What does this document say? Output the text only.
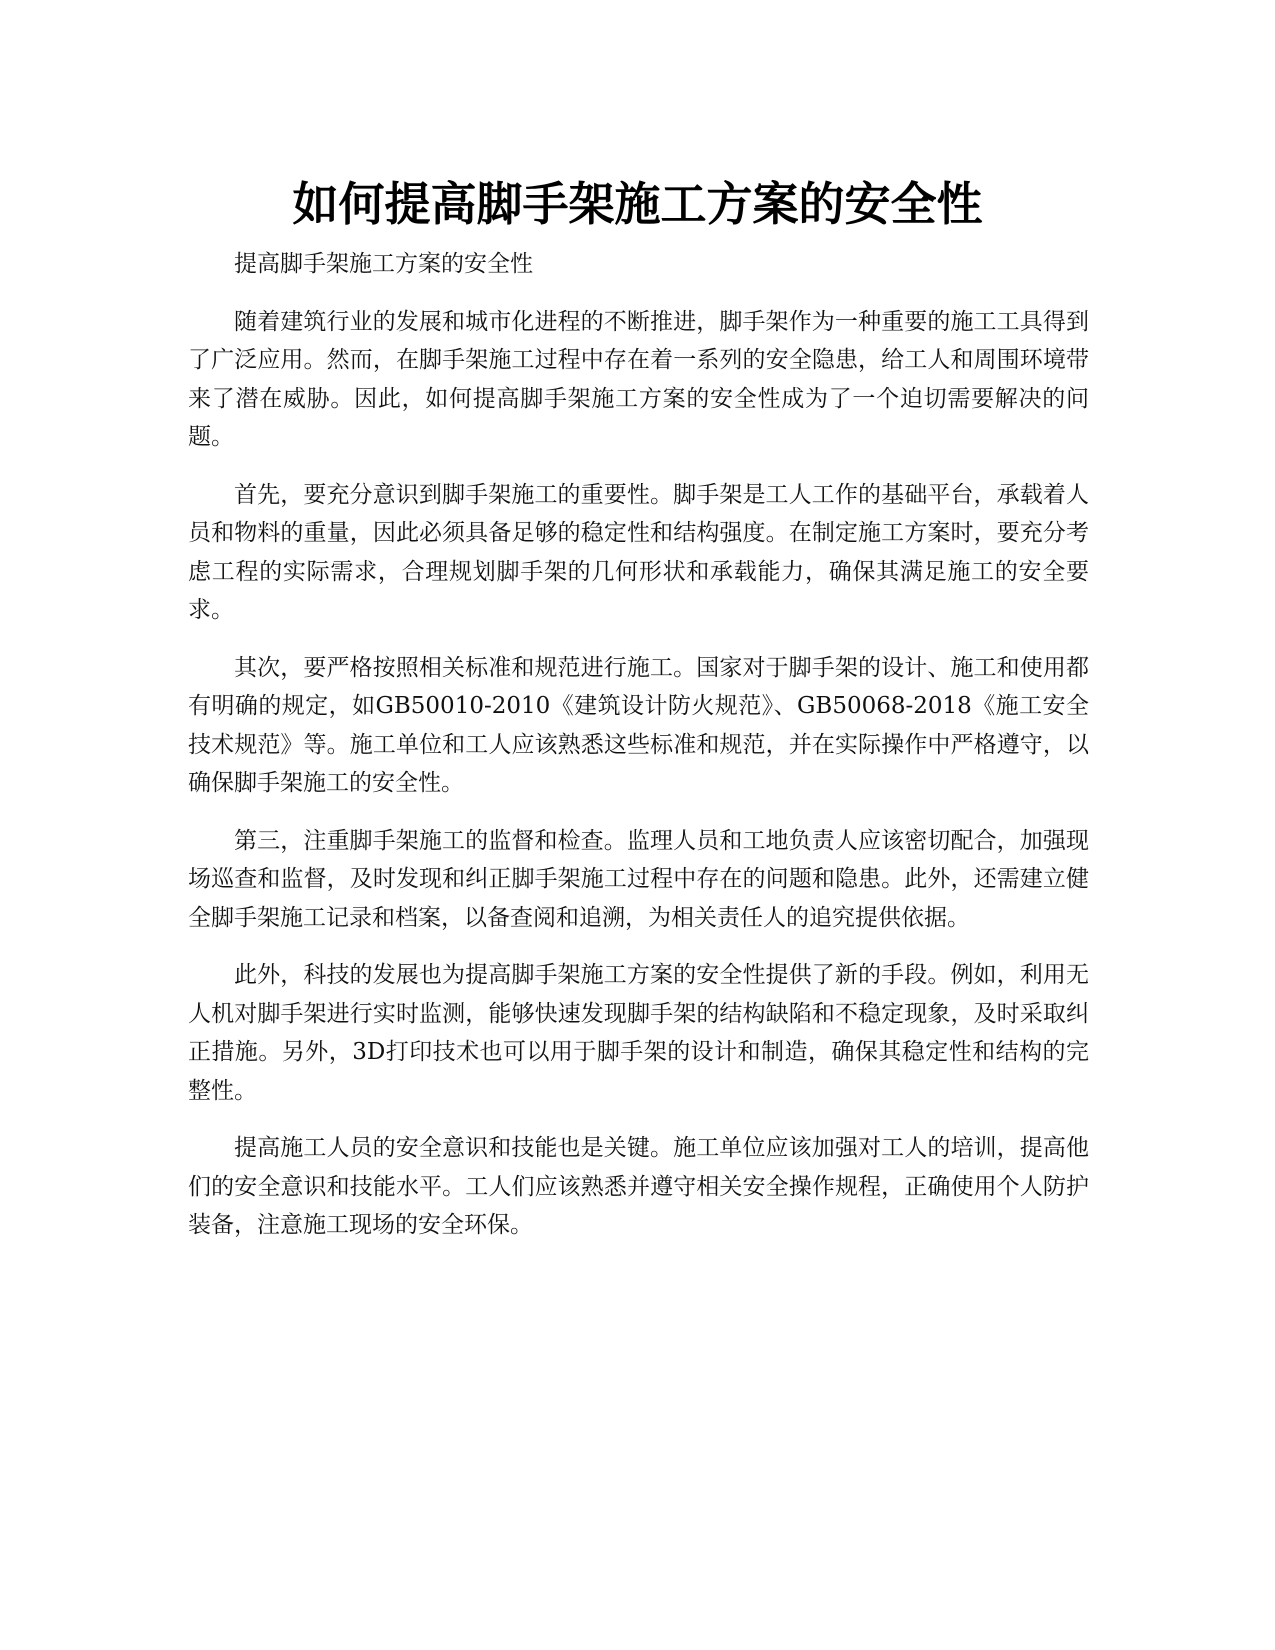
如何提高脚手架施工方案的安全性

提高脚手架施工方案的安全性

随着建筑行业的发展和城市化进程的不断推进，脚手架作为一种重要的施工工具得到了广泛应用。然而，在脚手架施工过程中存在着一系列的安全隐患，给工人和周围环境带来了潜在威胁。因此，如何提高脚手架施工方案的安全性成为了一个迫切需要解决的问题。

首先，要充分意识到脚手架施工的重要性。脚手架是工人工作的基础平台，承载着人员和物料的重量，因此必须具备足够的稳定性和结构强度。在制定施工方案时，要充分考虑工程的实际需求，合理规划脚手架的几何形状和承载能力，确保其满足施工的安全要求。

其次，要严格按照相关标准和规范进行施工。国家对于脚手架的设计、施工和使用都有明确的规定，如GB50010-2010《建筑设计防火规范》、GB50068-2018《施工安全技术规范》等。施工单位和工人应该熟悉这些标准和规范，并在实际操作中严格遵守，以确保脚手架施工的安全性。

第三，注重脚手架施工的监督和检查。监理人员和工地负责人应该密切配合，加强现场巡查和监督，及时发现和纠正脚手架施工过程中存在的问题和隐患。此外，还需建立健全脚手架施工记录和档案，以备查阅和追溯，为相关责任人的追究提供依据。

此外，科技的发展也为提高脚手架施工方案的安全性提供了新的手段。例如，利用无人机对脚手架进行实时监测，能够快速发现脚手架的结构缺陷和不稳定现象，及时采取纠正措施。另外，3D打印技术也可以用于脚手架的设计和制造，确保其稳定性和结构的完整性。

提高施工人员的安全意识和技能也是关键。施工单位应该加强对工人的培训，提高他们的安全意识和技能水平。工人们应该熟悉并遵守相关安全操作规程，正确使用个人防护装备，注意施工现场的安全环保。
